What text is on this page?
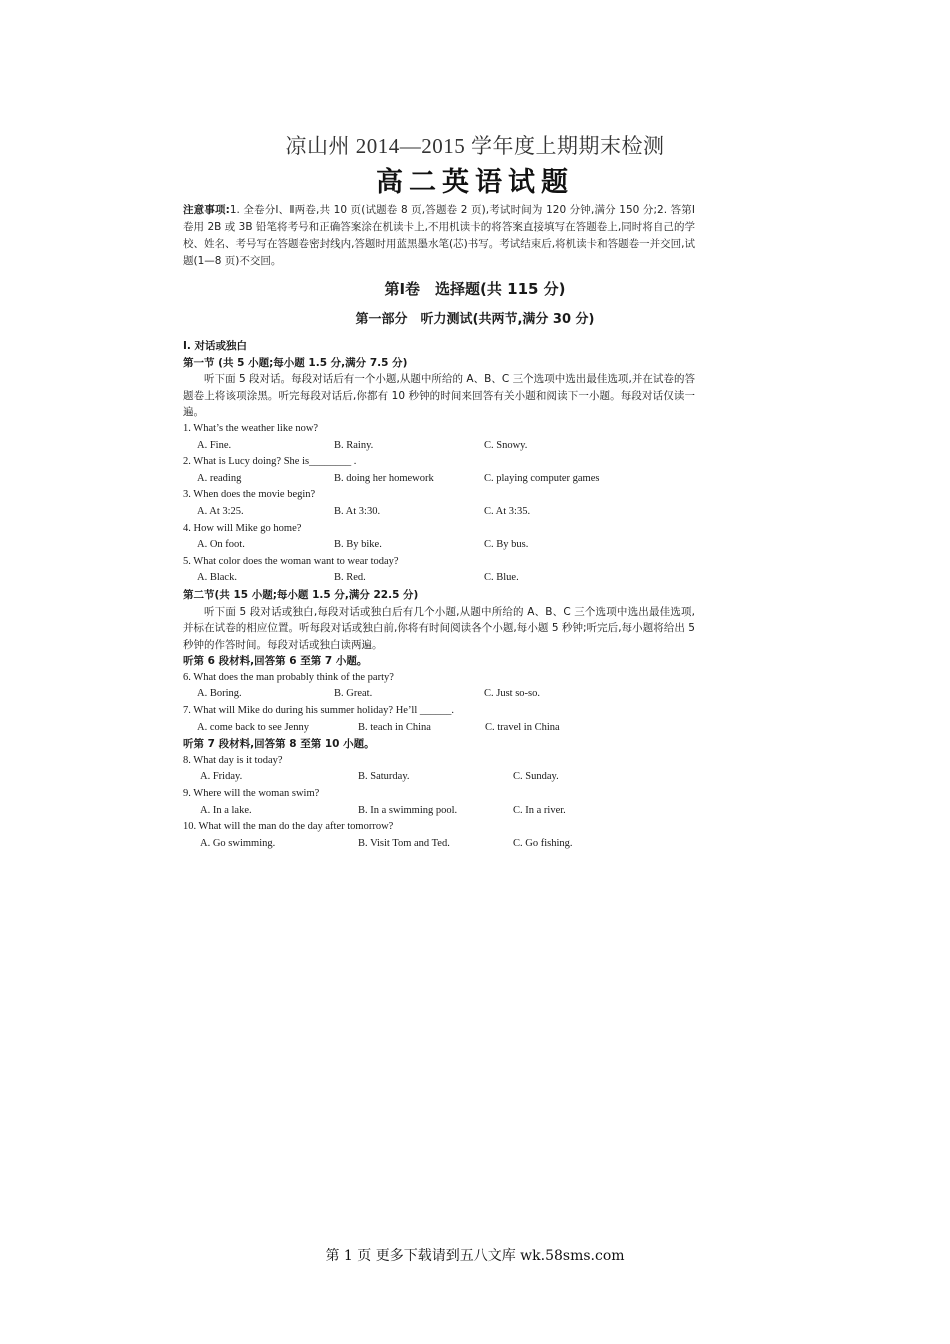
凉山州 2014—2015 学年度上期期末检测
高二英语试题
注意事项:1. 全卷分Ⅰ、Ⅱ两卷,共 10 页(试题卷 8 页,答题卷 2 页),考试时间为 120 分钟,满分 150 分;2. 答第Ⅰ卷用 2B 或 3B 铅笔将考号和正确答案涂在机读卡上,不用机读卡的将答案直接填写在答题卷上,同时将自己的学校、姓名、考号写在答题卷密封线内,答题时用蓝黑墨水笔(芯)书写。考试结束后,将机读卡和答题卷一并交回,试题(1—8 页)不交回。
第Ⅰ卷　选择题(共 115 分)
第一部分　听力测试(共两节,满分 30 分)
I. 对话或独白
第一节 (共 5 小题;每小题 1.5 分,满分 7.5 分)
听下面 5 段对话。每段对话后有一个小题,从题中所给的 A、B、C 三个选项中选出最佳选项,并在试卷的答题卷上将该项涂黑。听完每段对话后,你都有 10 秒钟的时间来回答有关小题和阅读下一小题。每段对话仅读一遍。
1. What’s the weather like now?
A. Fine.	B. Rainy.	C. Snowy.
2. What is Lucy doing? She is________ .
A. reading	B. doing her homework	C. playing computer games
3. When does the movie begin?
A. At 3:25.	B. At 3:30.	C. At 3:35.
4. How will Mike go home?
A. On foot.	B. By bike.	C. By bus.
5. What color does the woman want to wear today?
A. Black.	B. Red.	C. Blue.
第二节(共 15 小题;每小题 1.5 分,满分 22.5 分)
听下面 5 段对话或独白,每段对话或独白后有几个小题,从题中所给的 A、B、C 三个选项中选出最佳选项,并标在试卷的相应位置。听每段对话或独白前,你将有时间阅读各个小题,每小题 5 秒钟;听完后,每小题将给出 5 秒钟的作答时间。每段对话或独白读两遍。
听第 6 段材料,回答第 6 至第 7 小题。
6. What does the man probably think of the party?
A. Boring.	B. Great.	C. Just so-so.
7. What will Mike do during his summer holiday? He’ll ______.
A. come back to see Jenny	B. teach in China	C. travel in China
听第 7 段材料,回答第 8 至第 10 小题。
8. What day is it today?
A. Friday.	B. Saturday.	C. Sunday.
9. Where will the woman swim?
A. In a lake.	B. In a swimming pool.	C. In a river.
10. What will the man do the day after tomorrow?
A. Go swimming.	B. Visit Tom and Ted.	C. Go fishing.
第 1 页 更多下载请到五八文库 wk.58sms.com
